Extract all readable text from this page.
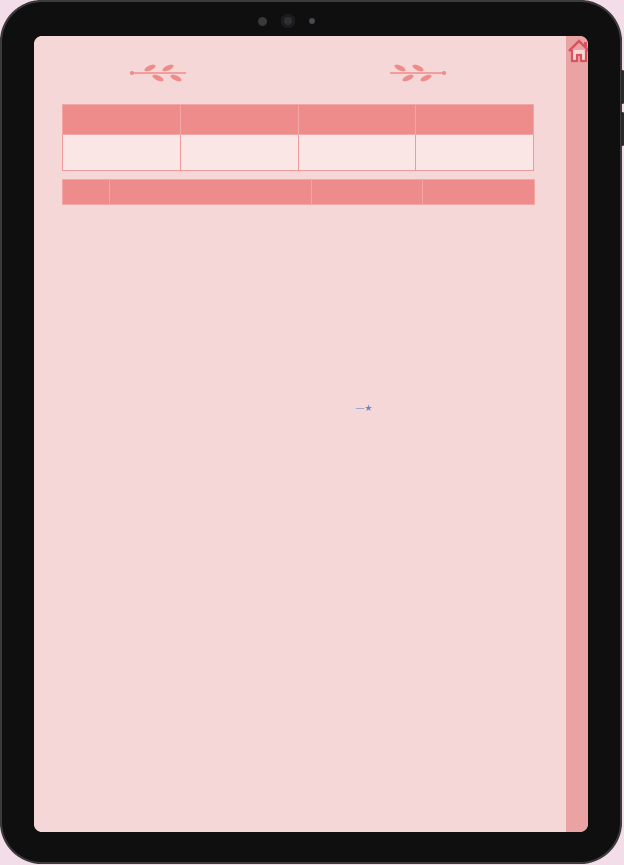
—★
